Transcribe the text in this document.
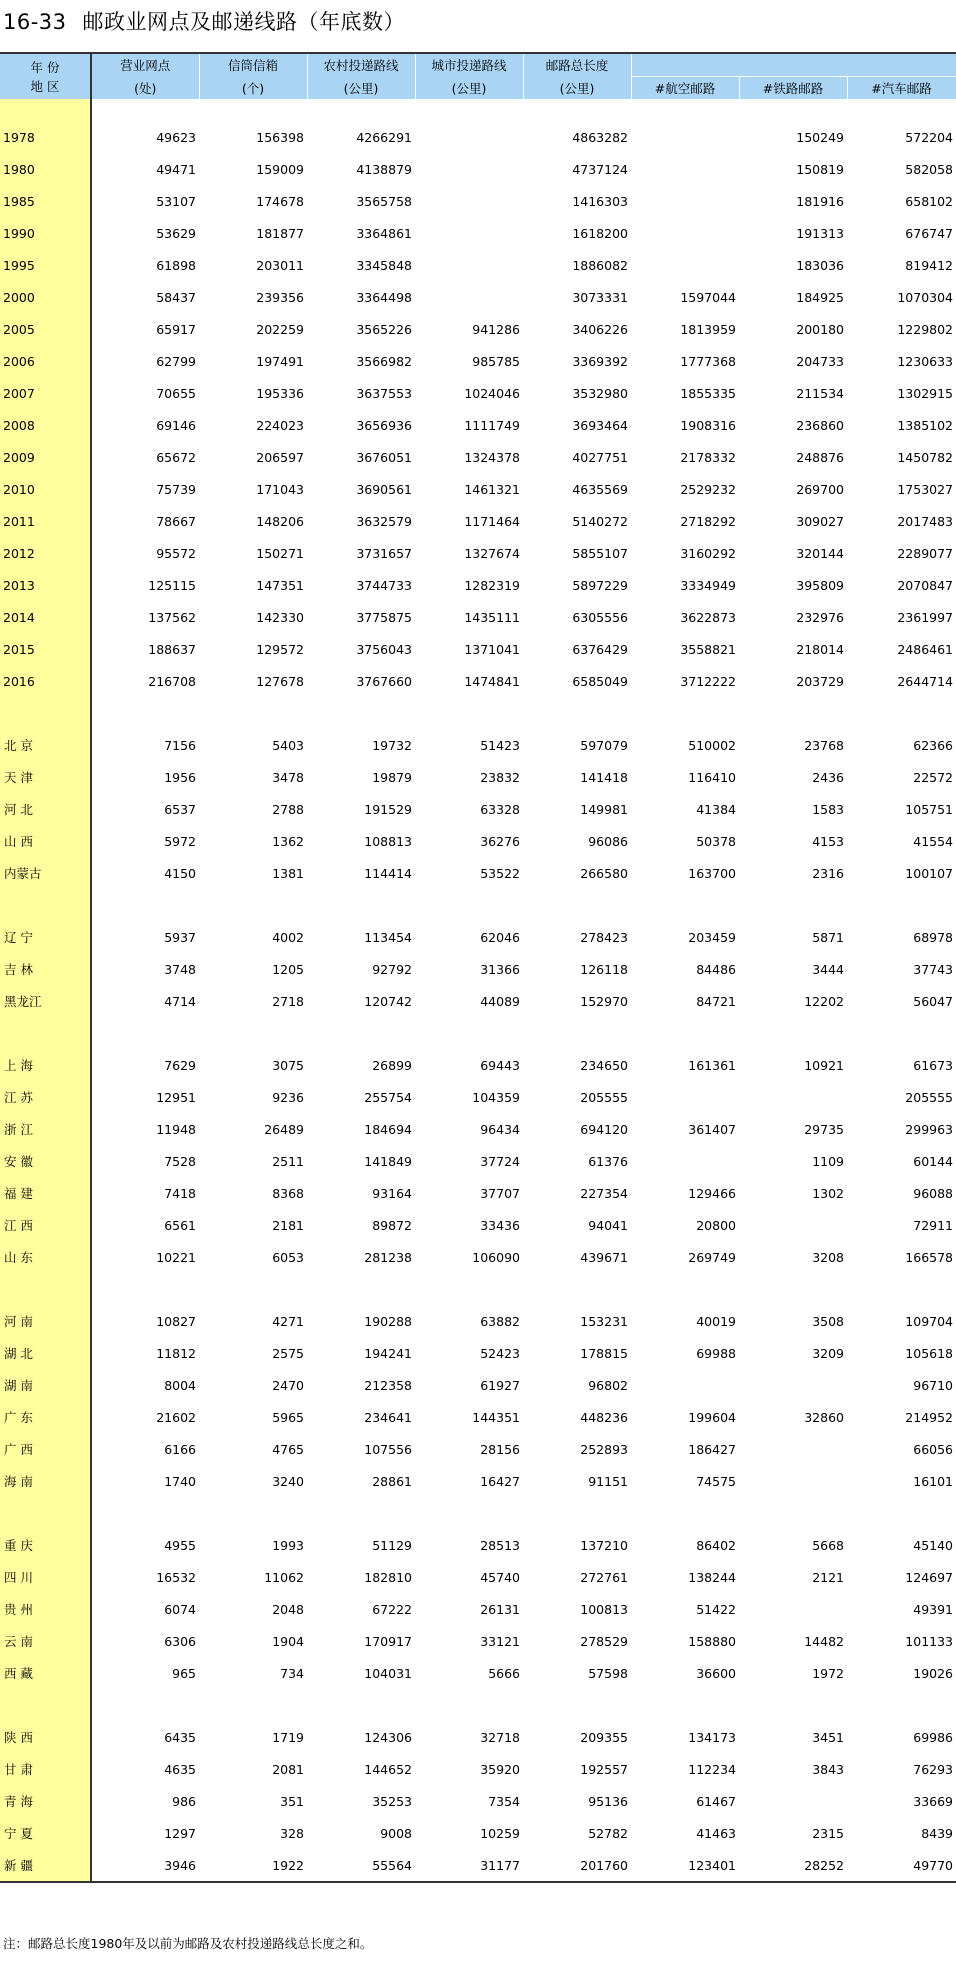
16-33 邮政业网点及邮递线路（年底数）
年 份
地 区	营业网点	信筒信箱	农村投递路线	城市投递路线	邮路总长度			
	(处)	(个)	(公里)	(公里)	(公里)	#航空邮路	#铁路邮路	#汽车邮路

1978	49623	156398	4266291		4863282		150249	572204
1980	49471	159009	4138879		4737124		150819	582058
1985	53107	174678	3565758		1416303		181916	658102
1990	53629	181877	3364861		1618200		191313	676747
1995	61898	203011	3345848		1886082		183036	819412
2000	58437	239356	3364498		3073331	1597044	184925	1070304
2005	65917	202259	3565226	941286	3406226	1813959	200180	1229802
2006	62799	197491	3566982	985785	3369392	1777368	204733	1230633
2007	70655	195336	3637553	1024046	3532980	1855335	211534	1302915
2008	69146	224023	3656936	1111749	3693464	1908316	236860	1385102
2009	65672	206597	3676051	1324378	4027751	2178332	248876	1450782
2010	75739	171043	3690561	1461321	4635569	2529232	269700	1753027
2011	78667	148206	3632579	1171464	5140272	2718292	309027	2017483
2012	95572	150271	3731657	1327674	5855107	3160292	320144	2289077
2013	125115	147351	3744733	1282319	5897229	3334949	395809	2070847
2014	137562	142330	3775875	1435111	6305556	3622873	232976	2361997
2015	188637	129572	3756043	1371041	6376429	3558821	218014	2486461
2016	216708	127678	3767660	1474841	6585049	3712222	203729	2644714

北 京	7156	5403	19732	51423	597079	510002	23768	62366
天 津	1956	3478	19879	23832	141418	116410	2436	22572
河 北	6537	2788	191529	63328	149981	41384	1583	105751
山 西	5972	1362	108813	36276	96086	50378	4153	41554
内蒙古	4150	1381	114414	53522	266580	163700	2316	100107

辽 宁	5937	4002	113454	62046	278423	203459	5871	68978
吉 林	3748	1205	92792	31366	126118	84486	3444	37743
黑龙江	4714	2718	120742	44089	152970	84721	12202	56047

上 海	7629	3075	26899	69443	234650	161361	10921	61673
江 苏	12951	9236	255754	104359	205555			205555
浙 江	11948	26489	184694	96434	694120	361407	29735	299963
安 徽	7528	2511	141849	37724	61376		1109	60144
福 建	7418	8368	93164	37707	227354	129466	1302	96088
江 西	6561	2181	89872	33436	94041	20800		72911
山 东	10221	6053	281238	106090	439671	269749	3208	166578

河 南	10827	4271	190288	63882	153231	40019	3508	109704
湖 北	11812	2575	194241	52423	178815	69988	3209	105618
湖 南	8004	2470	212358	61927	96802			96710
广 东	21602	5965	234641	144351	448236	199604	32860	214952
广 西	6166	4765	107556	28156	252893	186427		66056
海 南	1740	3240	28861	16427	91151	74575		16101

重 庆	4955	1993	51129	28513	137210	86402	5668	45140
四 川	16532	11062	182810	45740	272761	138244	2121	124697
贵 州	6074	2048	67222	26131	100813	51422		49391
云 南	6306	1904	170917	33121	278529	158880	14482	101133
西 藏	965	734	104031	5666	57598	36600	1972	19026

陕 西	6435	1719	124306	32718	209355	134173	3451	69986
甘 肃	4635	2081	144652	35920	192557	112234	3843	76293
青 海	986	351	35253	7354	95136	61467		33669
宁 夏	1297	328	9008	10259	52782	41463	2315	8439
新 疆	3946	1922	55564	31177	201760	123401	28252	49770
注：邮路总长度1980年及以前为邮路及农村投递路线总长度之和。
